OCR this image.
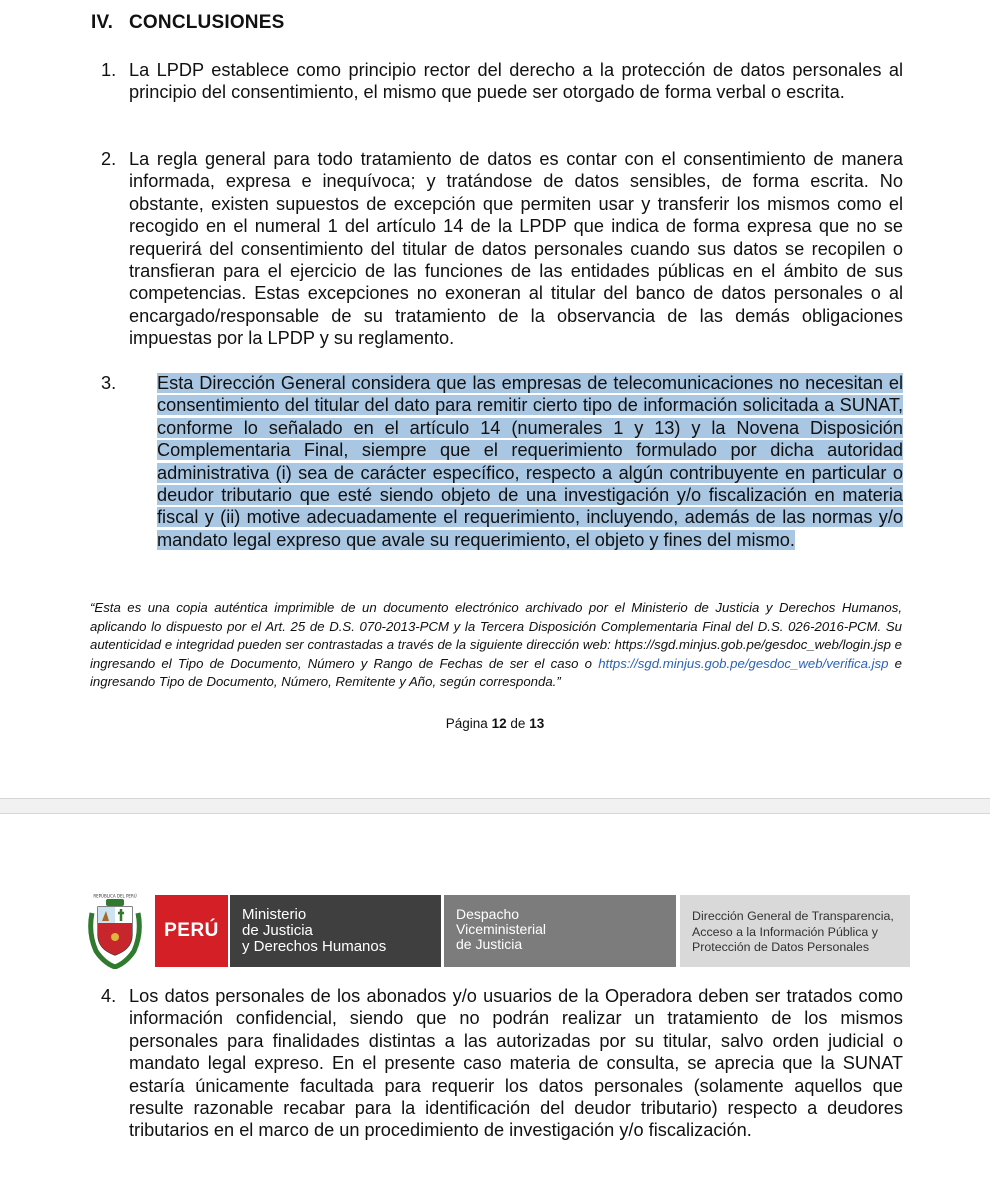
IV. CONCLUSIONES
1. La LPDP establece como principio rector del derecho a la protección de datos personales al principio del consentimiento, el mismo que puede ser otorgado de forma verbal o escrita.
2. La regla general para todo tratamiento de datos es contar con el consentimiento de manera informada, expresa e inequívoca; y tratándose de datos sensibles, de forma escrita. No obstante, existen supuestos de excepción que permiten usar y transferir los mismos como el recogido en el numeral 1 del artículo 14 de la LPDP que indica de forma expresa que no se requerirá del consentimiento del titular de datos personales cuando sus datos se recopilen o transfieran para el ejercicio de las funciones de las entidades públicas en el ámbito de sus competencias. Estas excepciones no exoneran al titular del banco de datos personales o al encargado/responsable de su tratamiento de la observancia de las demás obligaciones impuestas por la LPDP y su reglamento.
3.	Esta Dirección General considera que las empresas de telecomunicaciones no necesitan el consentimiento del titular del dato para remitir cierto tipo de información solicitada a SUNAT, conforme lo señalado en el artículo 14 (numerales 1 y 13) y la Novena Disposición Complementaria Final, siempre que el requerimiento formulado por dicha autoridad administrativa (i) sea de carácter específico, respecto a algún contribuyente en particular o deudor tributario que esté siendo objeto de una investigación y/o fiscalización en materia fiscal y (ii) motive adecuadamente el requerimiento, incluyendo, además de las normas y/o mandato legal expreso que avale su requerimiento, el objeto y fines del mismo.
“Esta es una copia auténtica imprimible de un documento electrónico archivado por el Ministerio de Justicia y Derechos Humanos, aplicando lo dispuesto por el Art. 25 de D.S. 070-2013-PCM y la Tercera Disposición Complementaria Final del D.S. 026-2016-PCM. Su autenticidad e integridad pueden ser contrastadas a través de la siguiente dirección web: https://sgd.minjus.gob.pe/gesdoc_web/login.jsp e ingresando el Tipo de Documento, Número y Rango de Fechas de ser el caso o https://sgd.minjus.gob.pe/gesdoc_web/verifica.jsp e ingresando Tipo de Documento, Número, Remitente y Año, según corresponda.”
Página 12 de 13
REPÚBLICA DEL PERÚ
PERÚ
Ministerio
de Justicia
y Derechos Humanos
Despacho
Viceministerial
de Justicia
Dirección General de Transparencia,
Acceso a la Información Pública y
Protección de Datos Personales
4. Los datos personales de los abonados y/o usuarios de la Operadora deben ser tratados como información confidencial, siendo que no podrán realizar un tratamiento de los mismos personales para finalidades distintas a las autorizadas por su titular, salvo orden judicial o mandato legal expreso. En el presente caso materia de consulta, se aprecia que la SUNAT estaría únicamente facultada para requerir los datos personales (solamente aquellos que resulte razonable recabar para la identificación del deudor tributario) respecto a deudores tributarios en el marco de un procedimiento de investigación y/o fiscalización.
